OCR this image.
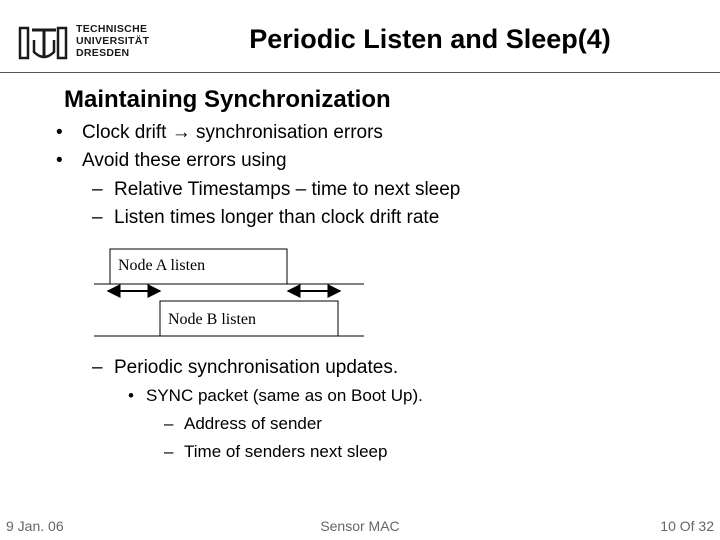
TECHNISCHE
UNIVERSITÄT
DRESDEN	Periodic Listen and Sleep(4)
Maintaining Synchronization
• Clock drift → synchronisation errors
• Avoid these errors using
– Relative Timestamps – time to next sleep
– Listen times longer than clock drift rate
Node A listen
Node B listen
– Periodic synchronisation updates.
• SYNC packet (same as on Boot Up).
– Address of sender
– Time of senders next sleep
9 Jan. 06	Sensor MAC	10 Of 32
